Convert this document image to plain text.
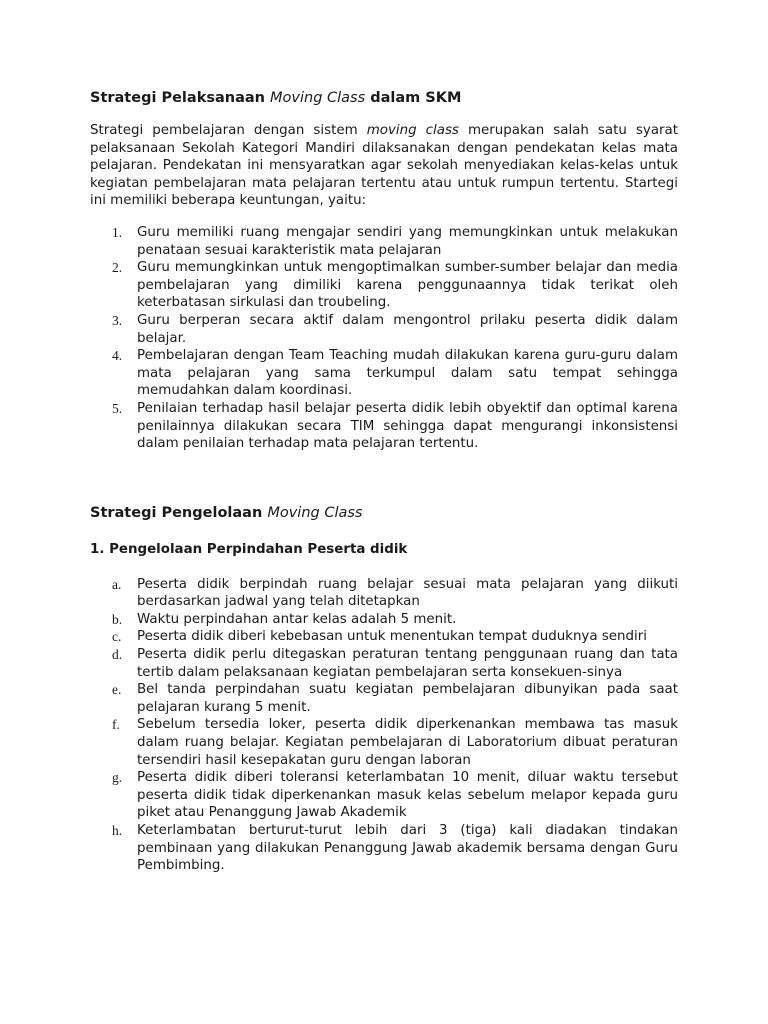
Strategi Pelaksanaan Moving Class dalam SKM

Strategi pembelajaran dengan sistem moving class merupakan salah satu syarat pelaksanaan Sekolah Kategori Mandiri dilaksanakan dengan pendekatan kelas mata pelajaran. Pendekatan ini mensyaratkan agar sekolah menyediakan kelas-kelas untuk kegiatan pembelajaran mata pelajaran tertentu atau untuk rumpun tertentu. Startegi ini memiliki beberapa keuntungan, yaitu:

1. Guru memiliki ruang mengajar sendiri yang memungkinkan untuk melakukan penataan sesuai karakteristik mata pelajaran
2. Guru memungkinkan untuk mengoptimalkan sumber-sumber belajar dan media pembelajaran yang dimiliki karena penggunaannya tidak terikat oleh keterbatasan sirkulasi dan troubeling.
3. Guru berperan secara aktif dalam mengontrol prilaku peserta didik dalam belajar.
4. Pembelajaran dengan Team Teaching mudah dilakukan karena guru-guru dalam mata pelajaran yang sama terkumpul dalam satu tempat sehingga memudahkan dalam koordinasi.
5. Penilaian terhadap hasil belajar peserta didik lebih obyektif dan optimal karena penilainnya dilakukan secara TIM sehingga dapat mengurangi inkonsistensi dalam penilaian terhadap mata pelajaran tertentu.
Strategi Pengelolaan Moving Class
1. Pengelolaan Perpindahan Peserta didik
a. Peserta didik berpindah ruang belajar sesuai mata pelajaran yang diikuti berdasarkan jadwal yang telah ditetapkan
b. Waktu perpindahan antar kelas adalah 5 menit.
c. Peserta didik diberi kebebasan untuk menentukan tempat duduknya sendiri
d. Peserta didik perlu ditegaskan peraturan tentang penggunaan ruang dan tata tertib dalam pelaksanaan kegiatan pembelajaran serta konsekuen-sinya
e. Bel tanda perpindahan suatu kegiatan pembelajaran dibunyikan pada saat pelajaran kurang 5 menit.
f. Sebelum tersedia loker, peserta didik diperkenankan membawa tas masuk dalam ruang belajar. Kegiatan pembelajaran di Laboratorium dibuat peraturan tersendiri hasil kesepakatan guru dengan laboran
g. Peserta didik diberi toleransi keterlambatan 10 menit, diluar waktu tersebut peserta didik tidak diperkenankan masuk kelas sebelum melapor kepada guru piket atau Penanggung Jawab Akademik
h. Keterlambatan berturut-turut lebih dari 3 (tiga) kali diadakan tindakan pembinaan yang dilakukan Penanggung Jawab akademik bersama dengan Guru Pembimbing.
